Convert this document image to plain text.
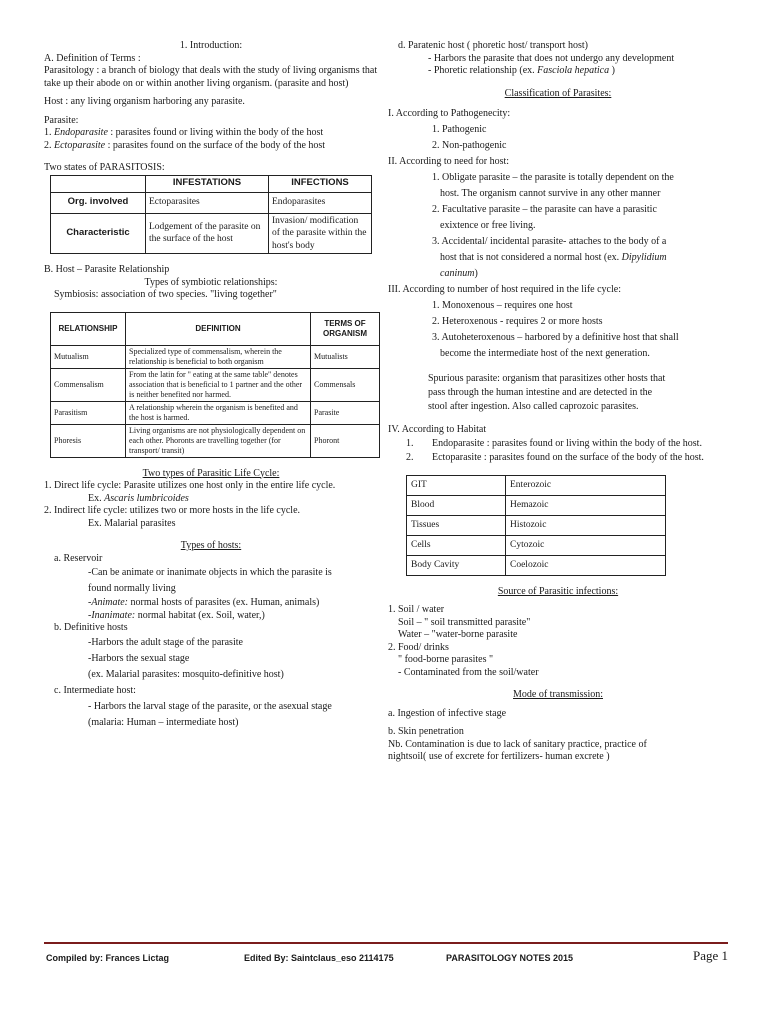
1. Introduction:

A. Definition of Terms :

Parasitology : a branch of biology that deals with the study of living organisms that take up their abode on or within another living organism. (parasite and host)

Host : any living organism harboring any parasite.

Parasite:

1. Endoparasite : parasites found or living within the body of the host

2. Ectoparasite : parasites found on the surface of the body of the host

Two states of PARASITOSIS:

	INFESTATIONS	INFECTIONS
Org. involved	Ectoparasites	Endoparasites
Characteristic	Lodgement of the parasite on the surface of the host	Invasion/ modification of the parasite within the host's body

B. Host – Parasite Relationship

Types of symbiotic relationships:

Symbiosis: association of two species. "living together"

RELATIONSHIP	DEFINITION	TERMS OF ORGANISM
Mutualism	Specialized type of commensalism, wherein the relationship is beneficial to both organism	Mutualists
Commensalism	From the latin for " eating at the same table" denotes association that is beneficial to 1 partner and the other is neither benefited nor harmed.	Commensals
Parasitism	A relationship wherein the organism is benefited and the host is harmed.	Parasite
Phoresis	Living organisms are not physiologically dependent on each other. Phoronts are travelling together (for transport/ transit)	Phoront

Two types of Parasitic Life Cycle:

1. Direct life cycle: Parasite utilizes one host only in the entire life cycle.

Ex. Ascaris lumbricoides

2. Indirect life cycle: utilizes two or more hosts in the life cycle.

Ex. Malarial parasites

Types of hosts:

a. Reservoir

-Can be animate or inanimate objects in which the parasite is

found normally living

-Animate: normal hosts of parasites (ex. Human, animals)

-Inanimate: normal habitat (ex. Soil, water,)

b. Definitive hosts

-Harbors the adult stage of the parasite

-Harbors the sexual stage

(ex. Malarial parasites: mosquito-definitive host)

c. Intermediate host:

- Harbors the larval stage of the parasite, or the asexual stage

(malaria: Human – intermediate host)

d. Paratenic host ( phoretic host/ transport host)

- Harbors the parasite that does not undergo any development

- Phoretic relationship (ex. Fasciola hepatica )

Classification of Parasites:

I. According to Pathogenecity:

1. Pathogenic

2. Non-pathogenic

II. According to need for host:

1. Obligate parasite – the parasite is totally dependent on the

host. The organism cannot survive in any other manner

2. Facultative parasite – the parasite can have a parasitic

exixtence or free living.

3. Accidental/ incidental parasite- attaches to the body of a

host that is not considered a normal host (ex. Dipylidium

caninum)

III. According to number of host required in the life cycle:

1. Monoxenous – requires one host

2. Heteroxenous - requires 2 or more hosts

3. Autoheteroxenous – harbored by a definitive host that shall

become the intermediate host of the next generation.

Spurious parasite: organism that parasitizes other hosts that

pass through the human intestine and are detected in the

stool after ingestion. Also called caprozoic parasites.

IV. According to Habitat

1.	Endoparasite : parasites found or living within the body of the host.
2.	Ectoparasite : parasites found on the surface of the body of the host.
GIT	Enterozoic
Blood	Hemazoic
Tissues	Histozoic
Cells	Cytozoic
Body Cavity	Coelozoic

Source of Parasitic infections:

1. Soil / water

Soil – " soil transmitted parasite"

Water – "water-borne parasite

2. Food/ drinks

" food-borne parasites "

- Contaminated from the soil/water

Mode of transmission:

a. Ingestion of infective stage

b. Skin penetration

Nb. Contamination is due to lack of sanitary practice, practice of

nightsoil( use of excrete for fertilizers- human excrete )

Compiled by: Frances Lictag	Edited By: Saintclaus_eso 2114175	PARASITOLOGY NOTES 2015	Page 1
